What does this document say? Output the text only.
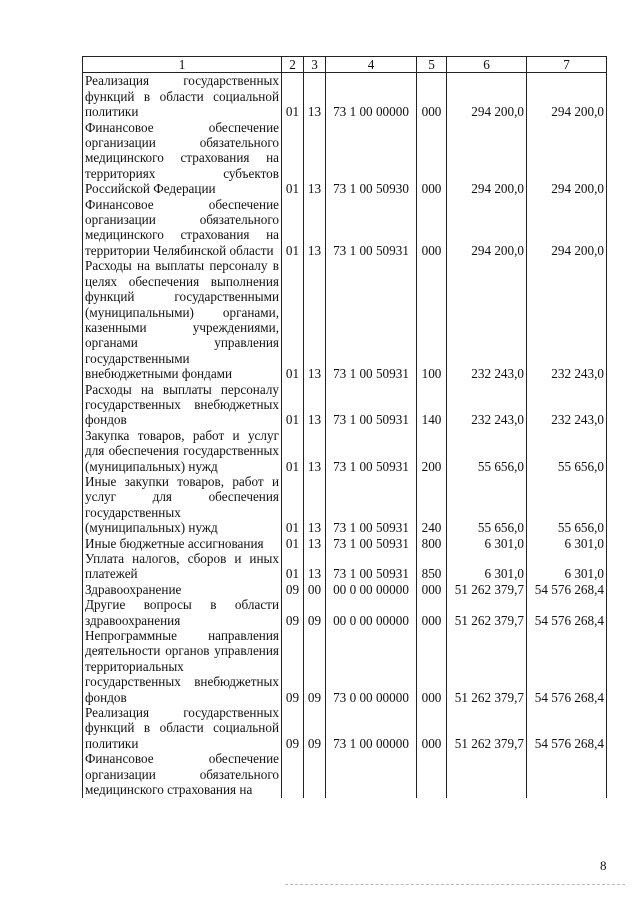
1	2	3	4	5	6	7
Реализация государственных функций в области социальной политики	01	13	73 1 00 00000	000	294 200,0	294 200,0
Финансовое обеспечение организации обязательного медицинского страхования на территориях субъектов Российской Федерации	01	13	73 1 00 50930	000	294 200,0	294 200,0
Финансовое обеспечение организации обязательного медицинского страхования на территории Челябинской области	01	13	73 1 00 50931	000	294 200,0	294 200,0
Расходы на выплаты персоналу в целях обеспечения выполнения функций государственными (муниципальными) органами, казенными учреждениями, органами управления государственными внебюджетными фондами	01	13	73 1 00 50931	100	232 243,0	232 243,0
Расходы на выплаты персоналу государственных внебюджетных фондов	01	13	73 1 00 50931	140	232 243,0	232 243,0
Закупка товаров, работ и услуг для обеспечения государственных (муниципальных) нужд	01	13	73 1 00 50931	200	55 656,0	55 656,0
Иные закупки товаров, работ и услуг для обеспечения государственных (муниципальных) нужд	01	13	73 1 00 50931	240	55 656,0	55 656,0
Иные бюджетные ассигнования	01	13	73 1 00 50931	800	6 301,0	6 301,0
Уплата налогов, сборов и иных платежей	01	13	73 1 00 50931	850	6 301,0	6 301,0
Здравоохранение	09	00	00 0 00 00000	000	51 262 379,7	54 576 268,4
Другие вопросы в области здравоохранения	09	09	00 0 00 00000	000	51 262 379,7	54 576 268,4
Непрограммные направления деятельности органов управления территориальных государственных внебюджетных фондов	09	09	73 0 00 00000	000	51 262 379,7	54 576 268,4
Реализация государственных функций в области социальной политики	09	09	73 1 00 00000	000	51 262 379,7	54 576 268,4
Финансовое обеспечение организации обязательного медицинского страхования на						
8
